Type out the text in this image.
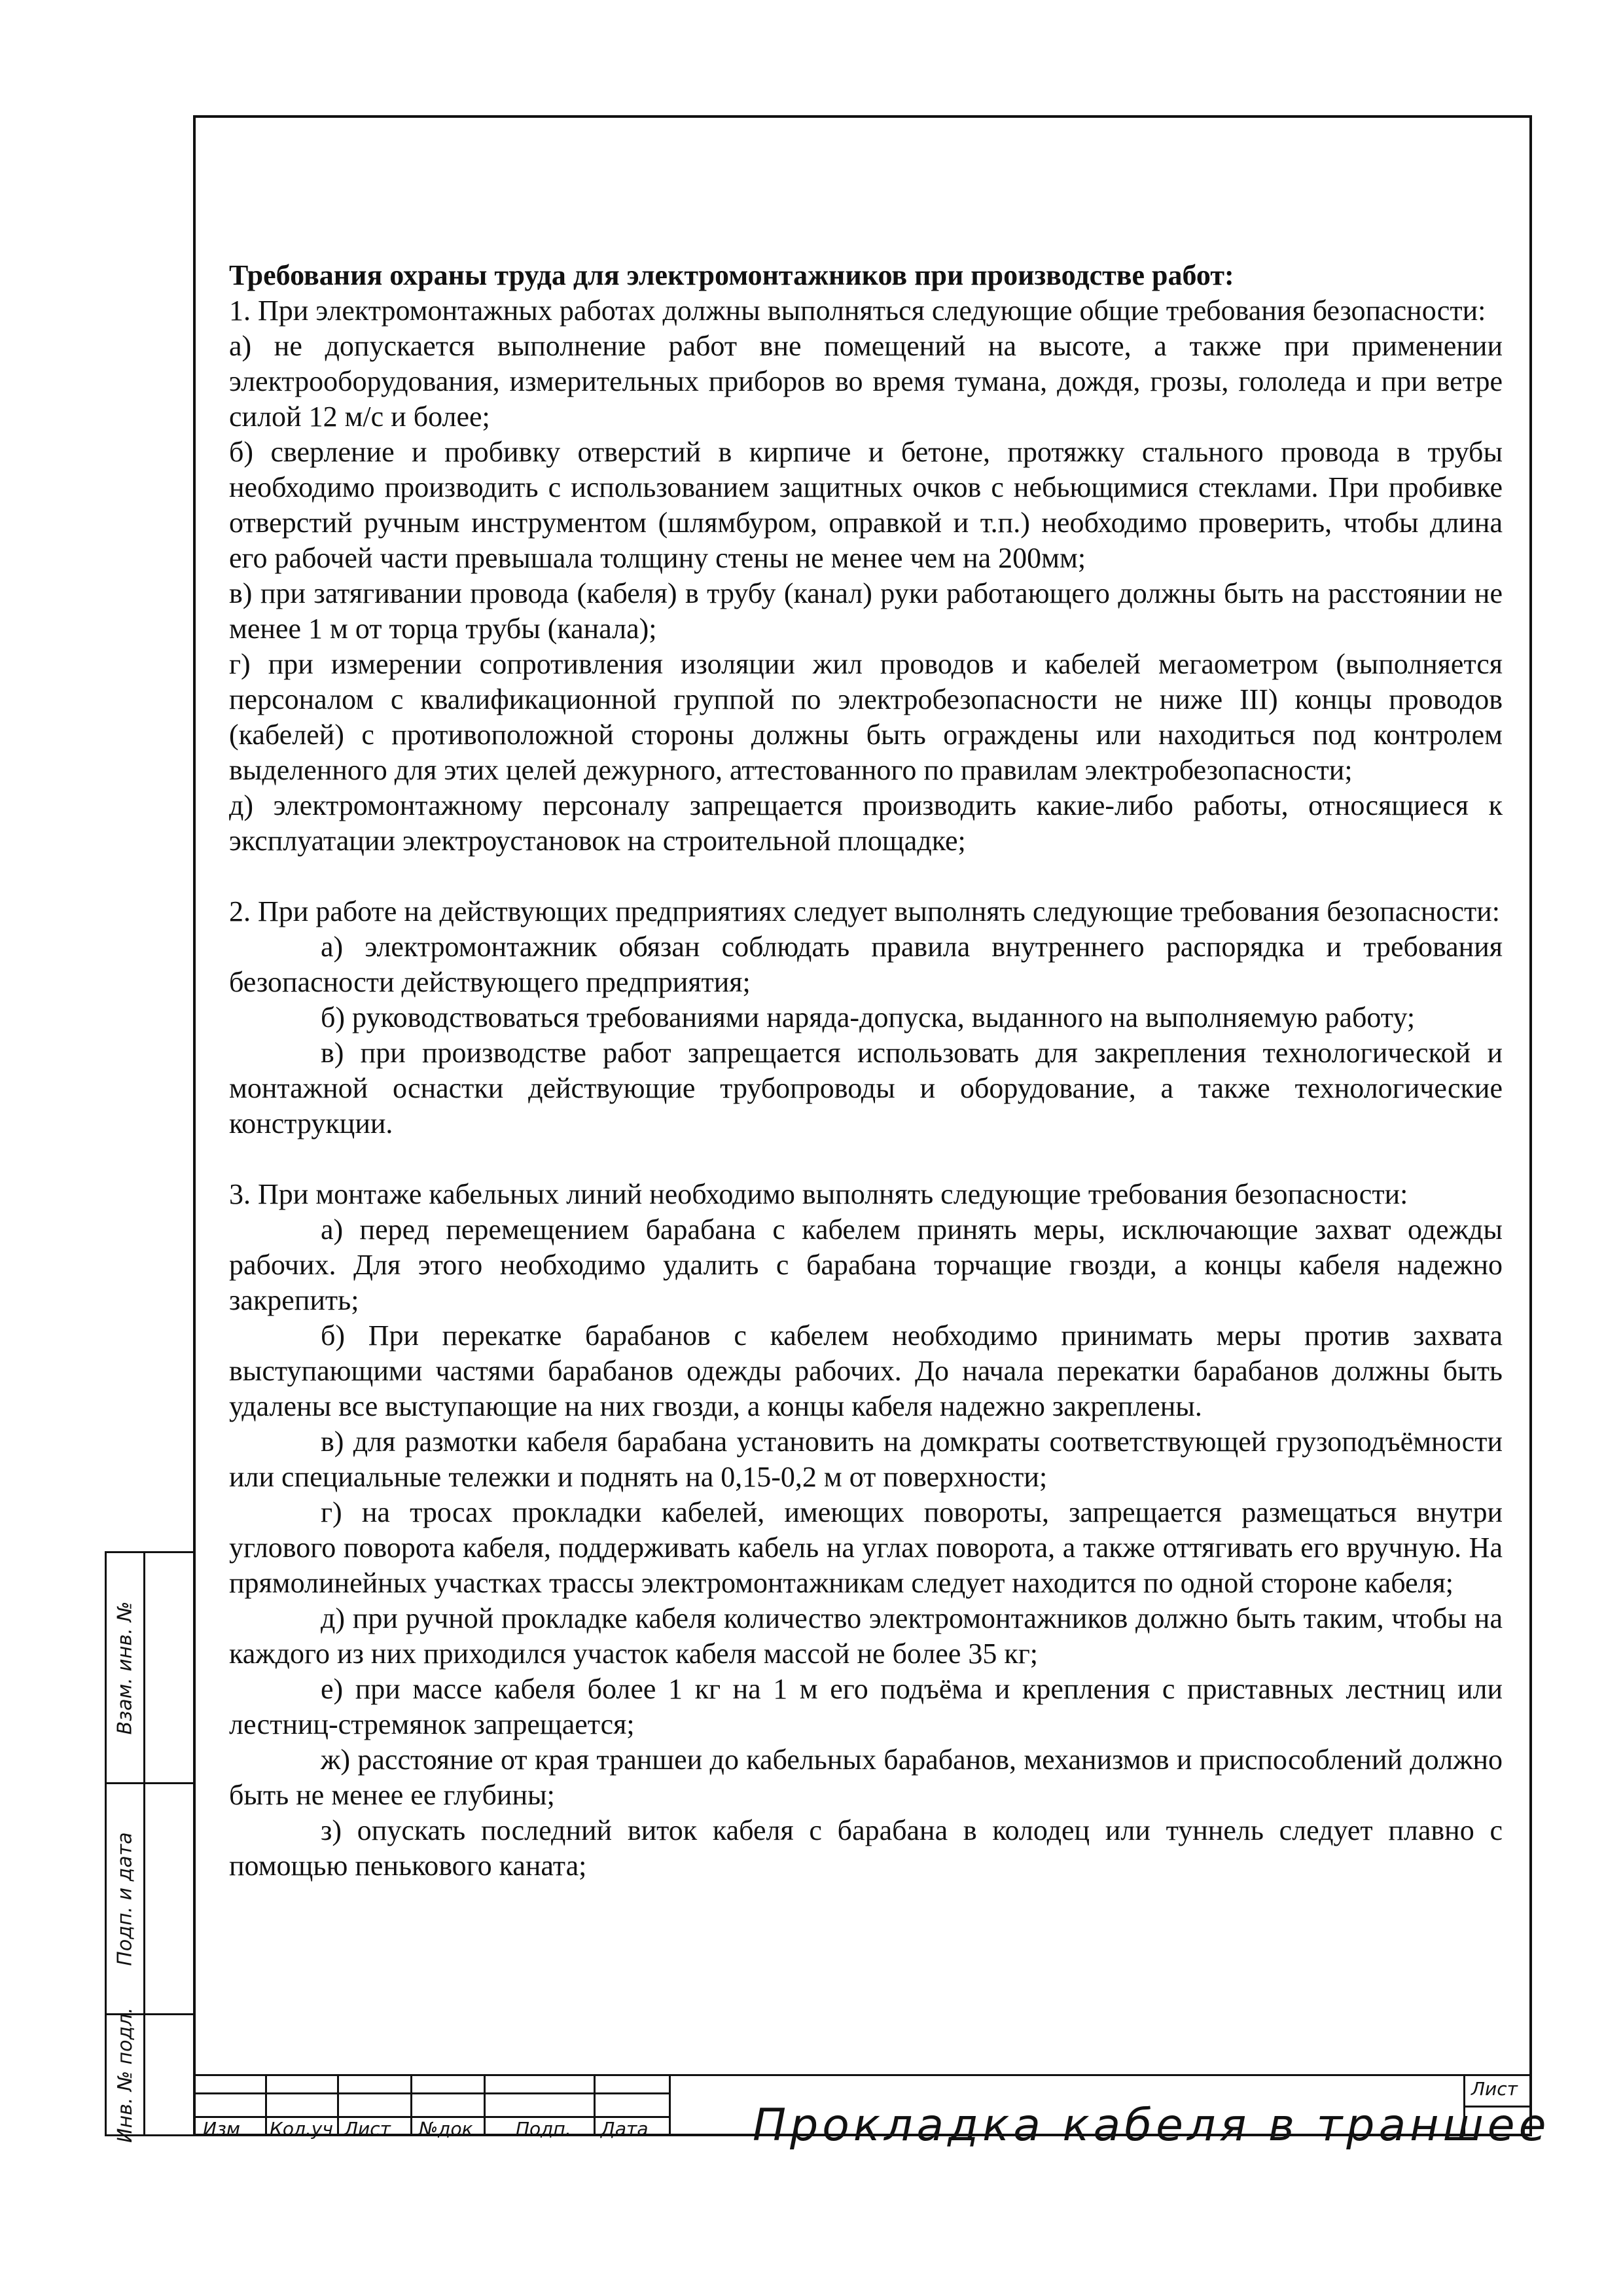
Требования охраны труда для электромонтажников при производстве работ:

1. При электромонтажных работах должны выполняться следующие общие требования безопасности:

а) не допускается выполнение работ вне помещений на высоте, а также при применении электрооборудования, измерительных приборов во время тумана, дождя, грозы, гололеда и при ветре силой 12 м/с и более;

б) сверление и пробивку отверстий в кирпиче и бетоне, протяжку стального провода в трубы необходимо производить с использованием защитных очков с небьющимися стеклами. При пробивке отверстий ручным инструментом (шлямбуром, оправкой и т.п.) необходимо проверить, чтобы длина его рабочей части превышала толщину стены не менее чем на 200мм;

в) при затягивании провода (кабеля) в трубу (канал) руки работающего должны быть на расстоянии не менее 1 м от торца трубы (канала);

г) при измерении сопротивления изоляции жил проводов и кабелей мегаометром (выполняется персоналом с квалификационной группой по электробезопасности не ниже III) концы проводов (кабелей) с противоположной стороны должны быть ограждены или находиться под контролем выделенного для этих целей дежурного, аттестованного по правилам электробезопасности;

д) электромонтажному персоналу запрещается производить какие-либо работы, относящиеся к эксплуатации электроустановок на строительной площадке;

2. При работе на действующих предприятиях следует выполнять следующие требования безопасности:

а) электромонтажник обязан соблюдать правила внутреннего распорядка и требования безопасности действующего предприятия;

б) руководствоваться требованиями наряда-допуска, выданного на выполняемую работу;

в) при производстве работ запрещается использовать для закрепления технологической и монтажной оснастки действующие трубопроводы и оборудование, а также технологические конструкции.

3. При монтаже кабельных линий необходимо выполнять следующие требования безопасности:

а) перед перемещением барабана с кабелем принять меры, исключающие захват одежды рабочих. Для этого необходимо удалить с барабана торчащие гвозди, а концы кабеля надежно закрепить;

б) При перекатке барабанов с кабелем необходимо принимать меры против захвата выступающими частями барабанов одежды рабочих. До начала перекатки барабанов должны быть удалены все выступающие на них гвозди, а концы кабеля надежно закреплены.

в) для размотки кабеля барабана установить на домкраты соответствующей грузоподъёмности или специальные тележки и поднять на 0,15-0,2 м от поверхности;

г) на тросах прокладки кабелей, имеющих повороты, запрещается размещаться внутри углового поворота кабеля, поддерживать кабель на углах поворота, а также оттягивать его вручную. На прямолинейных участках трассы электромонтажникам следует находится по одной стороне кабеля;

д) при ручной прокладке кабеля количество электромонтажников должно быть таким, чтобы на каждого из них приходился участок кабеля массой не более 35 кг;

е) при массе кабеля более 1 кг на 1 м его подъёма и крепления с приставных лестниц или лестниц-стремянок запрещается;

ж) расстояние от края траншеи до кабельных барабанов, механизмов и приспособлений должно быть не менее ее глубины;

з) опускать последний виток кабеля с барабана в колодец или туннель следует плавно с помощью пенькового каната;

Взам. инв. №
Подп. и дата
Инв. № подл.	Изм Кол.уч Лист №док Подп. Дата Прокладка кабеля в траншее
Лист
